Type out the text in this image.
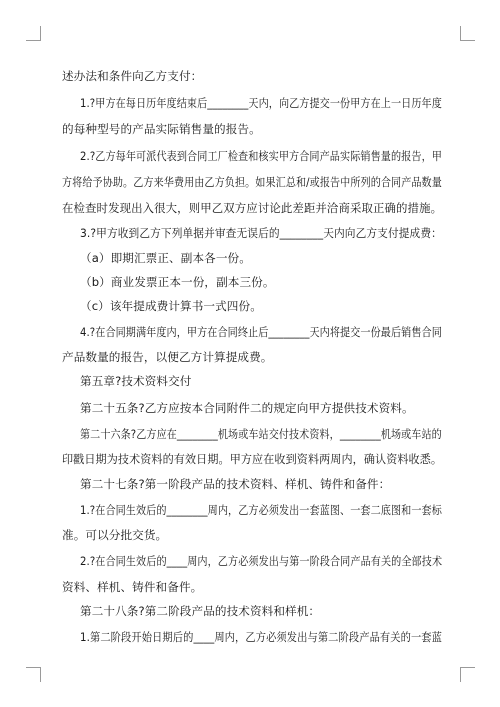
述办法和条件向乙方支付：
1.?甲方在每日历年度结束后________天内，向乙方提交一份甲方在上一日历年度
的每种型号的产品实际销售量的报告。
2.?乙方每年可派代表到合同工厂检查和核实甲方合同产品实际销售量的报告，甲
方将给予协助。乙方来华费用由乙方负担。如果汇总和/或报告中所列的合同产品数量
在检查时发现出入很大，则甲乙双方应讨论此差距并洽商采取正确的措施。
3.?甲方收到乙方下列单据并审查无误后的________天内向乙方支付提成费：
（a）即期汇票正、副本各一份。
（b）商业发票正本一份，副本三份。
（c）该年提成费计算书一式四份。
4.?在合同期满年度内，甲方在合同终止后________天内将提交一份最后销售合同
产品数量的报告，以便乙方计算提成费。
第五章?技术资料交付
第二十五条?乙方应按本合同附件二的规定向甲方提供技术资料。
第二十六条?乙方应在________机场或车站交付技术资料，________机场或车站的
印戳日期为技术资料的有效日期。甲方应在收到资料两周内，确认资料收悉。
第二十七条?第一阶段产品的技术资料、样机、铸件和备件：
1.?在合同生效后的________周内，乙方必须发出一套蓝图、一套二底图和一套标
准。可以分批交货。
2.?在合同生效后的____周内，乙方必须发出与第一阶段合同产品有关的全部技术
资料、样机、铸件和备件。
第二十八条?第二阶段产品的技术资料和样机：
1.第二阶段开始日期后的____周内，乙方必须发出与第二阶段产品有关的一套蓝
